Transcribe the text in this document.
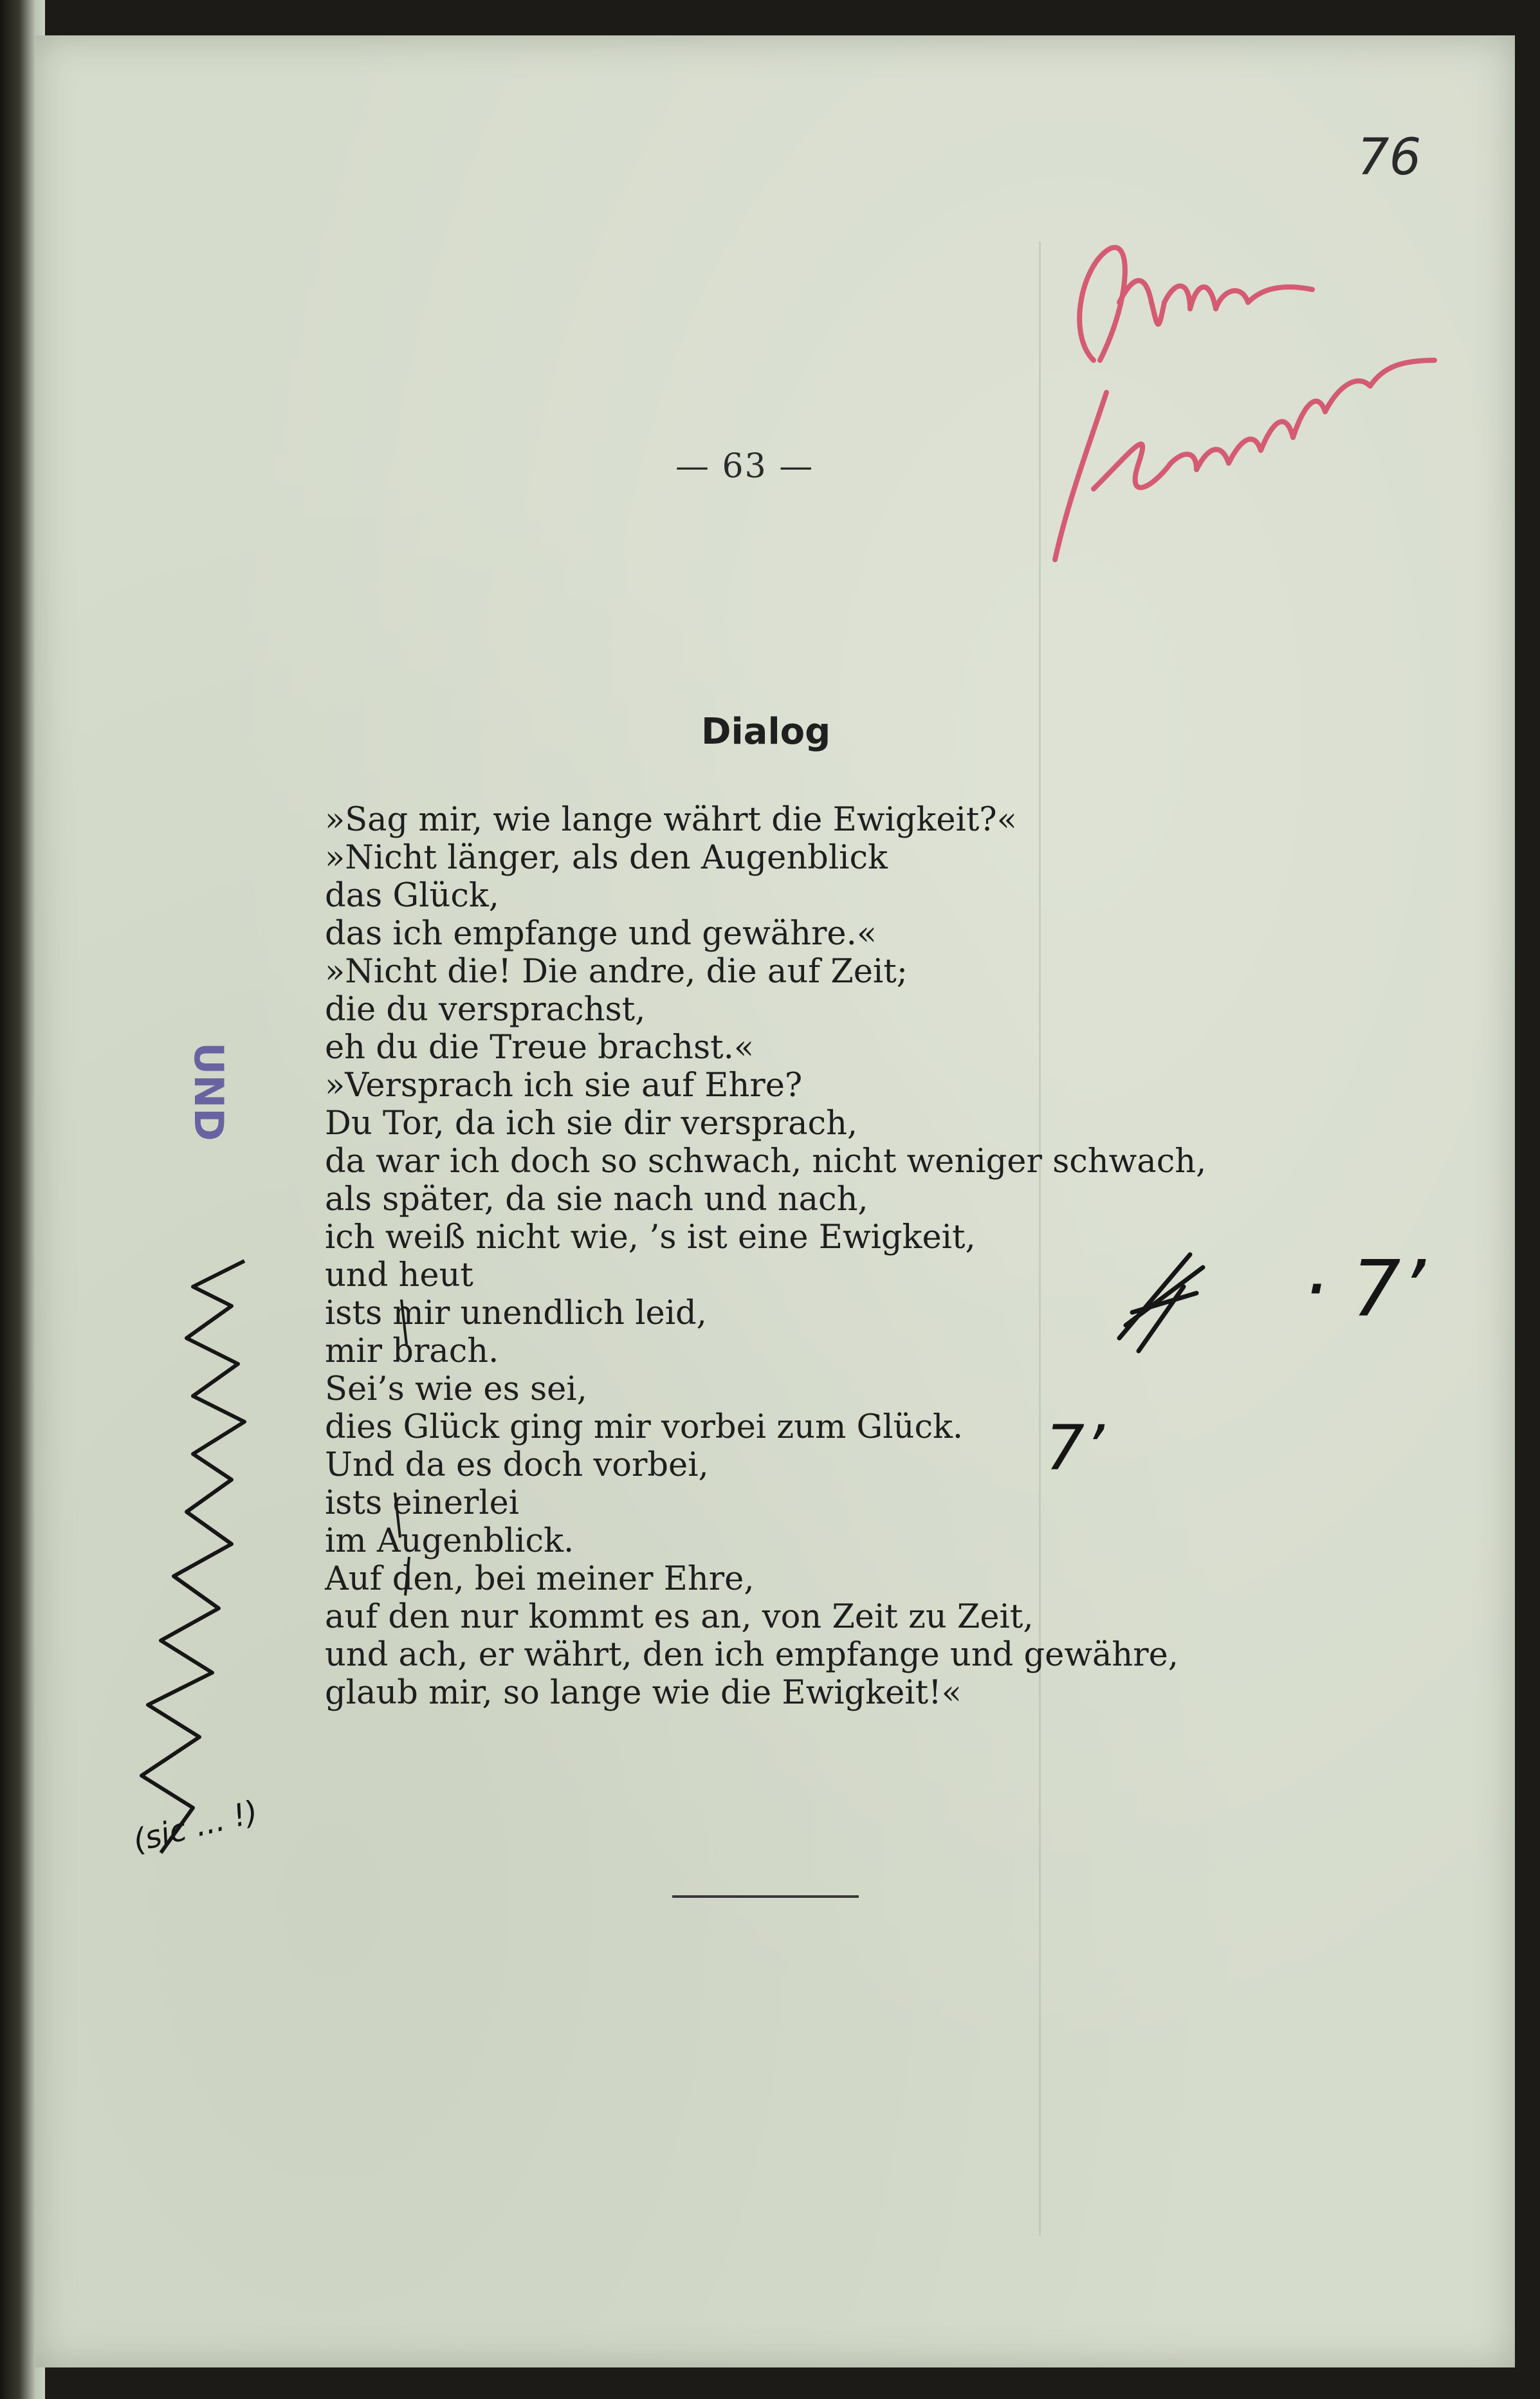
UND
76
— 63 —
Dialog
»Sag mir, wie lange währt die Ewigkeit?«
»Nicht länger, als den Augenblick
das Glück,
das ich empfange und gewähre.«
»Nicht die! Die andre, die auf Zeit;
die du versprachst,
eh du die Treue brachst.«
»Versprach ich sie auf Ehre?
Du Tor, da ich sie dir versprach,
da war ich doch so schwach, nicht weniger schwach,
als später, da sie nach und nach,
ich weiß nicht wie, ’s ist eine Ewigkeit,
und heut
ists mir unendlich leid,
mir brach.
Sei’s wie es sei,
dies Glück ging mir vorbei zum Glück.
Und da es doch vorbei,
ists einerlei
im Augenblick.
Auf den, bei meiner Ehre,
auf den nur kommt es an, von Zeit zu Zeit,
und ach, er währt, den ich empfange und gewähre,
glaub mir, so lange wie die Ewigkeit!«
· 7’
7’
(sic ... !)
